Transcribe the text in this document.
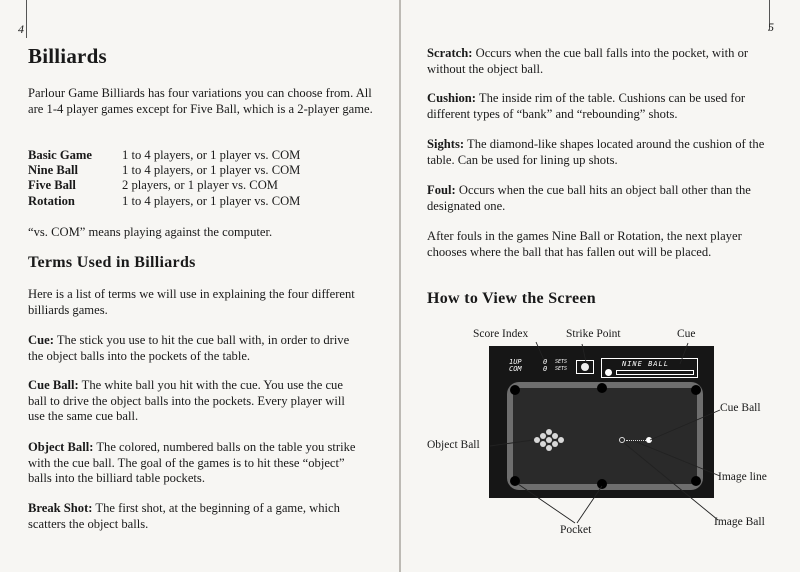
4
Billiards

Parlour Game Billiards has four variations you can choose from. All are 1-4 player games except for Five Ball, which is a 2-player game.

Basic Game	1 to 4 players, or 1 player vs. COM
Nine Ball	1 to 4 players, or 1 player vs. COM
Five Ball	2 players, or 1 player vs. COM
Rotation	1 to 4 players, or 1 player vs. COM

“vs. COM” means playing against the computer.

Terms Used in Billiards

Here is a list of terms we will use in explaining the four different billiards games.

Cue: The stick you use to hit the cue ball with, in order to drive the object balls into the pockets of the table.

Cue Ball: The white ball you hit with the cue. You use the cue ball to drive the object balls into the pockets. Every player will use the same cue ball.

Object Ball: The colored, numbered balls on the table you strike with the cue ball. The goal of the games is to hit these “object” balls into the billiard table pockets.

Break Shot: The first shot, at the beginning of a game, which scatters the object balls.

5

Scratch: Occurs when the cue ball falls into the pocket, with or without the object ball.

Cushion: The inside rim of the table. Cushions can be used for different types of “bank” and “rebounding” shots.

Sights: The diamond-like shapes located around the cushion of the table. Can be used for lining up shots.

Foul: Occurs when the cue ball hits an object ball other than the designated one.

After fouls in the games Nine Ball or Rotation, the next player chooses where the ball that has fallen out will be placed.

How to View the Screen
1UP
COM
0
0
SETS
SETS
NINE BALL
Score Index	Strike Point	Cue
Cue Ball
Object Ball
Image line
Pocket
Image Ball
